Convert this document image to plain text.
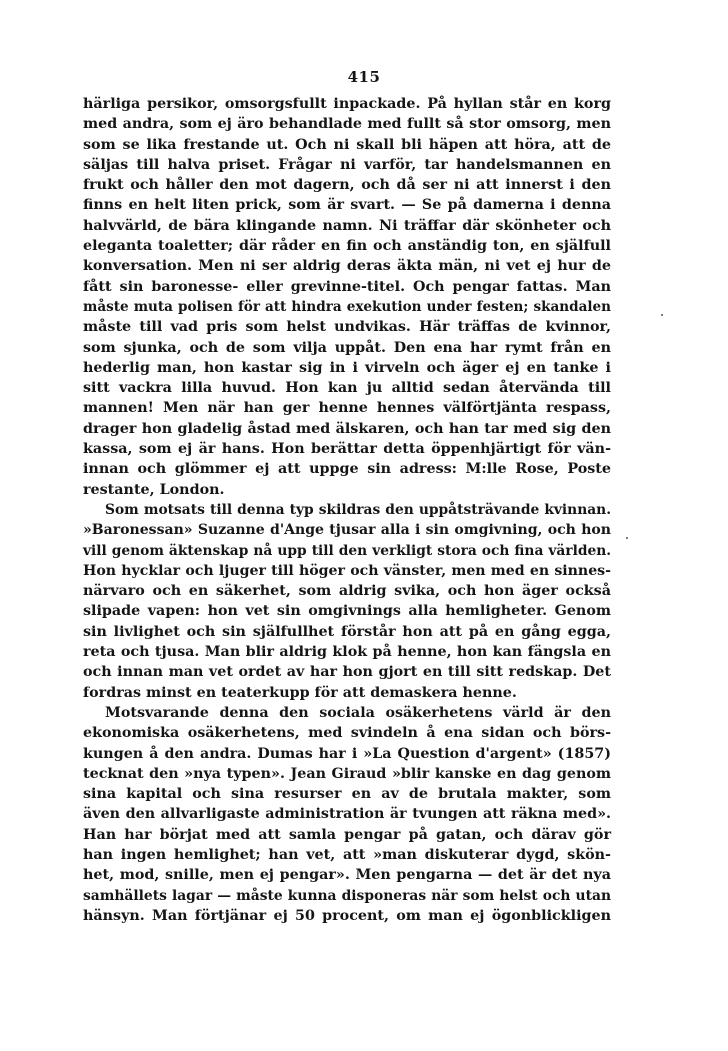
415
härliga persikor, omsorgsfullt inpackade. På hyllan står en korg
med andra, som ej äro behandlade med fullt så stor omsorg, men
som se lika frestande ut. Och ni skall bli häpen att höra, att de
säljas till halva priset. Frågar ni varför, tar handelsmannen en
frukt och håller den mot dagern, och då ser ni att innerst i den
finns en helt liten prick, som är svart. — Se på damerna i denna
halvvärld, de bära klingande namn. Ni träffar där skönheter och
eleganta toaletter; där råder en fin och anständig ton, en själfull
konversation. Men ni ser aldrig deras äkta män, ni vet ej hur de
fått sin baronesse- eller grevinne-titel. Och pengar fattas. Man
måste muta polisen för att hindra exekution under festen; skandalen
måste till vad pris som helst undvikas. Här träffas de kvinnor,
som sjunka, och de som vilja uppåt. Den ena har rymt från en
hederlig man, hon kastar sig in i virveln och äger ej en tanke i
sitt vackra lilla huvud. Hon kan ju alltid sedan återvända till
mannen! Men när han ger henne hennes välförtjänta respass,
drager hon gladelig åstad med älskaren, och han tar med sig den
kassa, som ej är hans. Hon berättar detta öppenhjärtigt för vän-
innan och glömmer ej att uppge sin adress: M:lle Rose, Poste
restante, London.
Som motsats till denna typ skildras den uppåtsträvande kvinnan.
»Baronessan» Suzanne d'Ange tjusar alla i sin omgivning, och hon
vill genom äktenskap nå upp till den verkligt stora och fina världen.
Hon hycklar och ljuger till höger och vänster, men med en sinnes-
närvaro och en säkerhet, som aldrig svika, och hon äger också
slipade vapen: hon vet sin omgivnings alla hemligheter. Genom
sin livlighet och sin själfullhet förstår hon att på en gång egga,
reta och tjusa. Man blir aldrig klok på henne, hon kan fängsla en
och innan man vet ordet av har hon gjort en till sitt redskap. Det
fordras minst en teaterkupp för att demaskera henne.
Motsvarande denna den sociala osäkerhetens värld är den
ekonomiska osäkerhetens, med svindeln å ena sidan och börs-
kungen å den andra. Dumas har i »La Question d'argent» (1857)
tecknat den »nya typen». Jean Giraud »blir kanske en dag genom
sina kapital och sina resurser en av de brutala makter, som
även den allvarligaste administration är tvungen att räkna med».
Han har börjat med att samla pengar på gatan, och därav gör
han ingen hemlighet; han vet, att »man diskuterar dygd, skön-
het, mod, snille, men ej pengar». Men pengarna — det är det nya
samhällets lagar — måste kunna disponeras när som helst och utan
hänsyn. Man förtjänar ej 50 procent, om man ej ögonblickligen
